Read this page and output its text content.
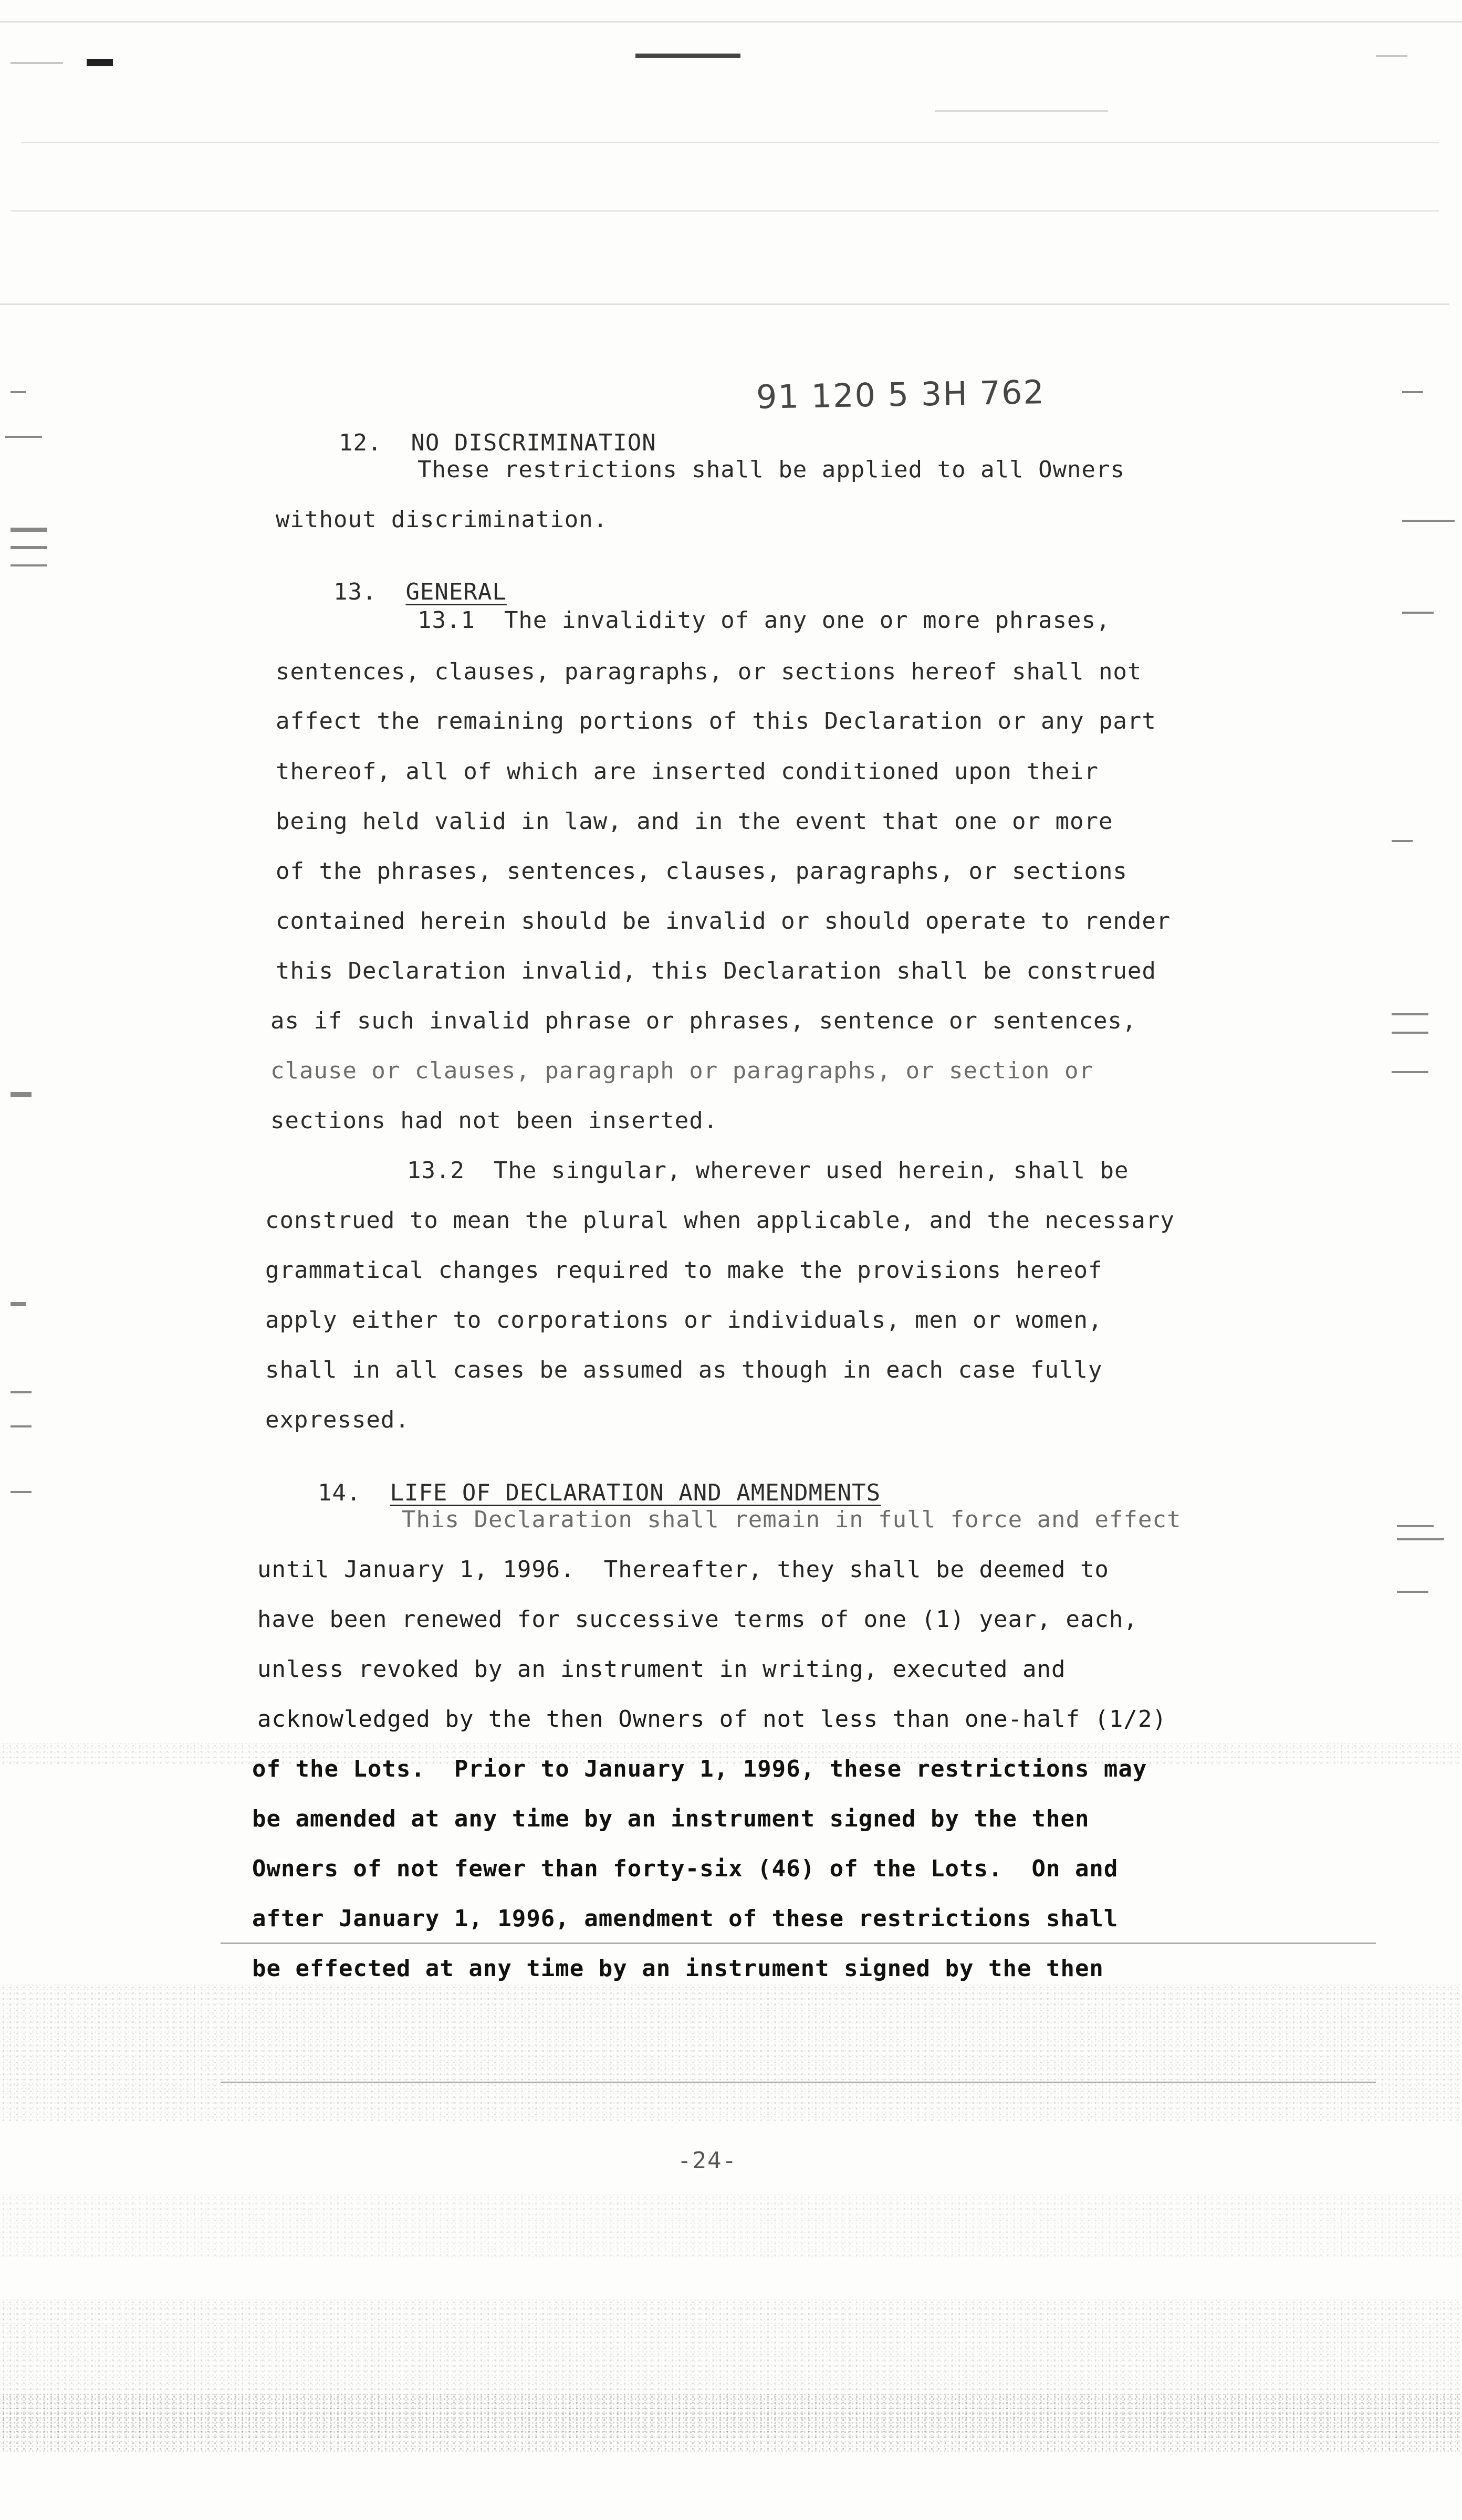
91 120 5 3H 762

12. NO DISCRIMINATION

These restrictions shall be applied to all Owners
without discrimination.

13. GENERAL

13.1  The invalidity of any one or more phrases,
sentences, clauses, paragraphs, or sections hereof shall not
affect the remaining portions of this Declaration or any part
thereof, all of which are inserted conditioned upon their
being held valid in law, and in the event that one or more
of the phrases, sentences, clauses, paragraphs, or sections
contained herein should be invalid or should operate to render
this Declaration invalid, this Declaration shall be construed
as if such invalid phrase or phrases, sentence or sentences,
clause or clauses, paragraph or paragraphs, or section or
sections had not been inserted.
13.2  The singular, wherever used herein, shall be
construed to mean the plural when applicable, and the necessary
grammatical changes required to make the provisions hereof
apply either to corporations or individuals, men or women,
shall in all cases be assumed as though in each case fully
expressed.

14. LIFE OF DECLARATION AND AMENDMENTS

This Declaration shall remain in full force and effect
until January 1, 1996.  Thereafter, they shall be deemed to
have been renewed for successive terms of one (1) year, each,
unless revoked by an instrument in writing, executed and
acknowledged by the then Owners of not less than one-half (1/2)
of the Lots.  Prior to January 1, 1996, these restrictions may
be amended at any time by an instrument signed by the then
Owners of not fewer than forty-six (46) of the Lots.  On and
after January 1, 1996, amendment of these restrictions shall
be effected at any time by an instrument signed by the then
-24-
